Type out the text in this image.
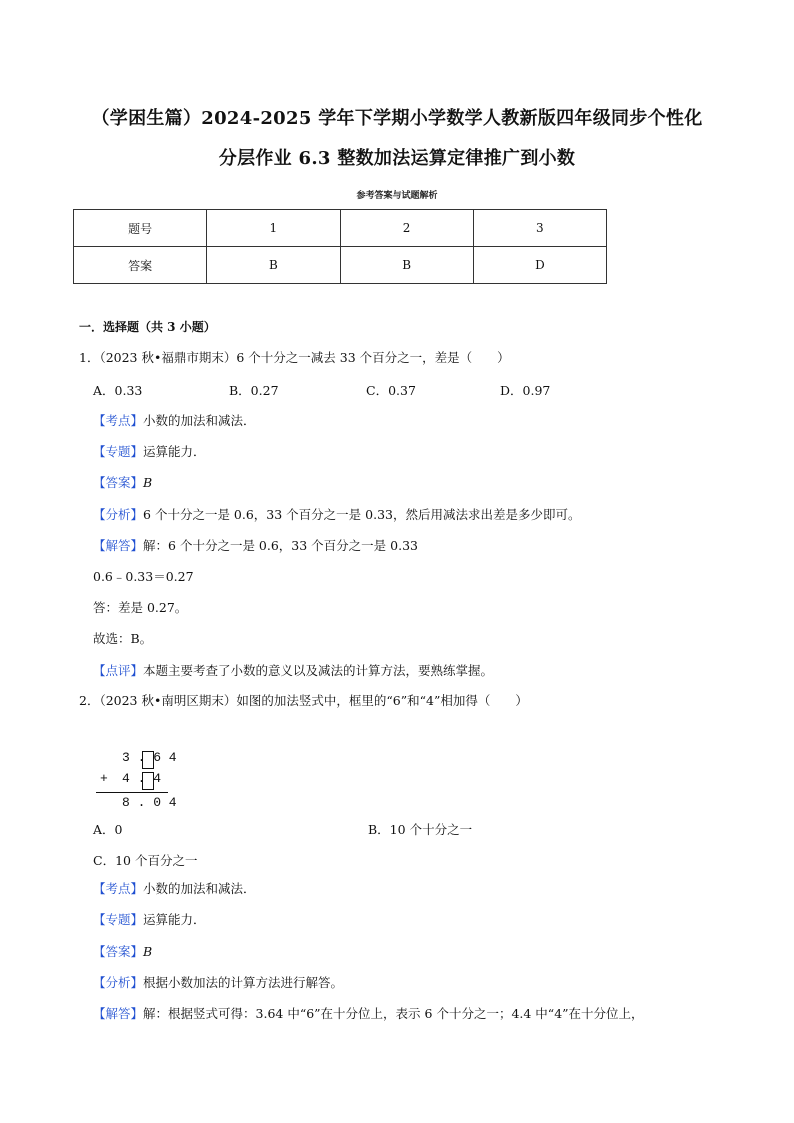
（学困生篇）2024-2025 学年下学期小学数学人教新版四年级同步个性化
分层作业 6.3 整数加法运算定律推广到小数
参考答案与试题解析
题号	1	2	3
答案	B	B	D
一．选择题（共 3 小题）
1．（2023 秋•福鼎市期末）6 个十分之一减去 33 个百分之一，差是（　　）
A．0.33	B．0.27	C．0.37	D．0.97
【考点】小数的加法和减法．
【专题】运算能力．
【答案】B
【分析】6 个十分之一是 0.6，33 个百分之一是 0.33，然后用减法求出差是多少即可。
【解答】解：6 个十分之一是 0.6，33 个百分之一是 0.33
0.6﹣0.33＝0.27
答：差是 0.27。
故选：B。
【点评】本题主要考查了小数的意义以及减法的计算方法，要熟练掌握。
2．（2023 秋•南明区期末）如图的加法竖式中，框里的“6”和“4”相加得（　　）
3 . 6 4
+ 4 . 4
8 . 0 4
A．0	B．10 个十分之一
C．10 个百分之一
【考点】小数的加法和减法．
【专题】运算能力．
【答案】B
【分析】根据小数加法的计算方法进行解答。
【解答】解：根据竖式可得：3.64 中“6”在十分位上，表示 6 个十分之一；4.4 中“4”在十分位上，
